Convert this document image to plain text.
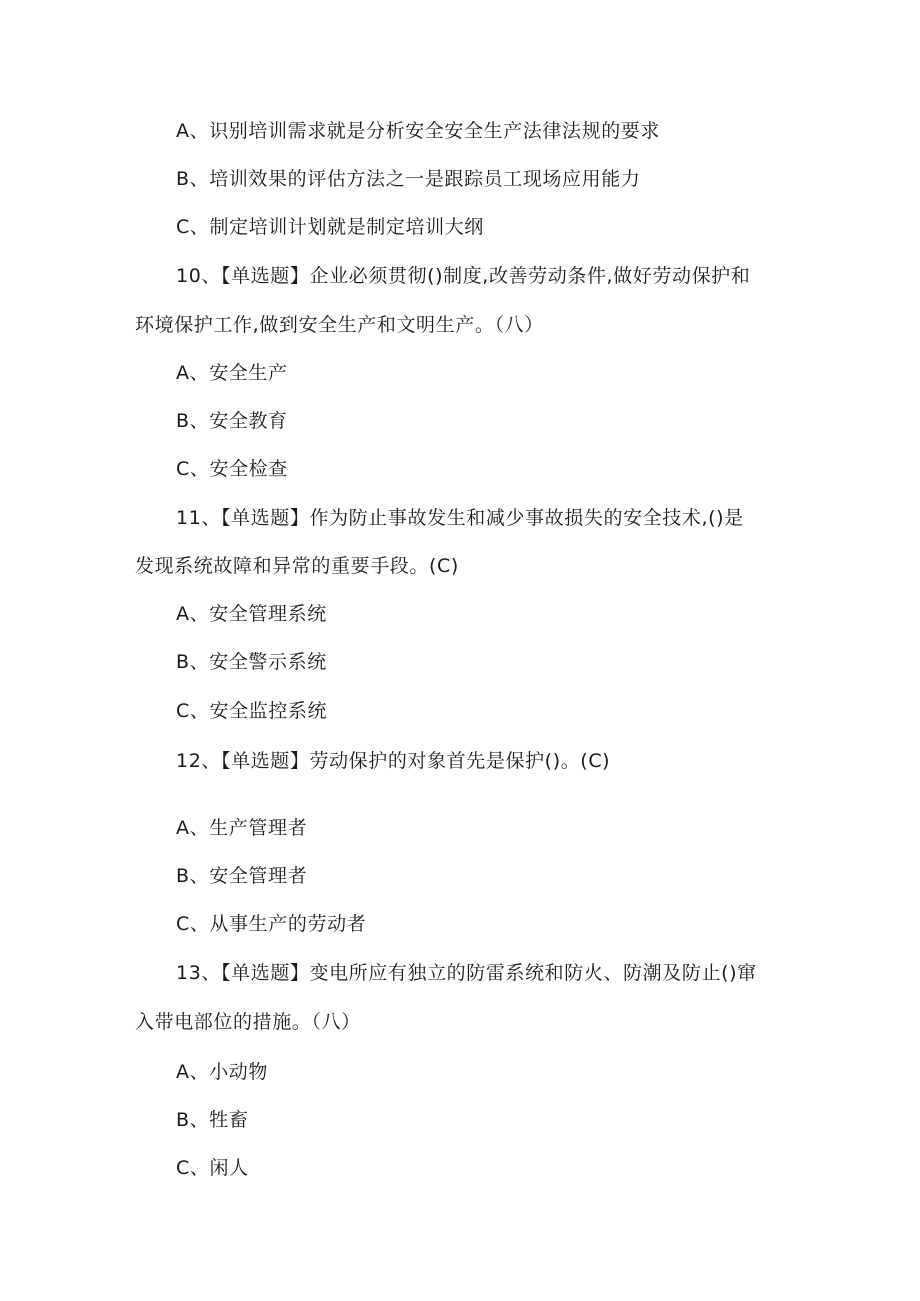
A、识别培训需求就是分析安全安全生产法律法规的要求
B、培训效果的评估方法之一是跟踪员工现场应用能力
C、制定培训计划就是制定培训大纲
10、【单选题】企业必须贯彻()制度,改善劳动条件,做好劳动保护和
环境保护工作,做到安全生产和文明生产。（八）
A、安全生产
B、安全教育
C、安全检查
11、【单选题】作为防止事故发生和减少事故损失的安全技术,()是
发现系统故障和异常的重要手段。(C)
A、安全管理系统
B、安全警示系统
C、安全监控系统
12、【单选题】劳动保护的对象首先是保护()。(C)
A、生产管理者
B、安全管理者
C、从事生产的劳动者
13、【单选题】变电所应有独立的防雷系统和防火、防潮及防止()窜
入带电部位的措施。（八）
A、小动物
B、牲畜
C、闲人
